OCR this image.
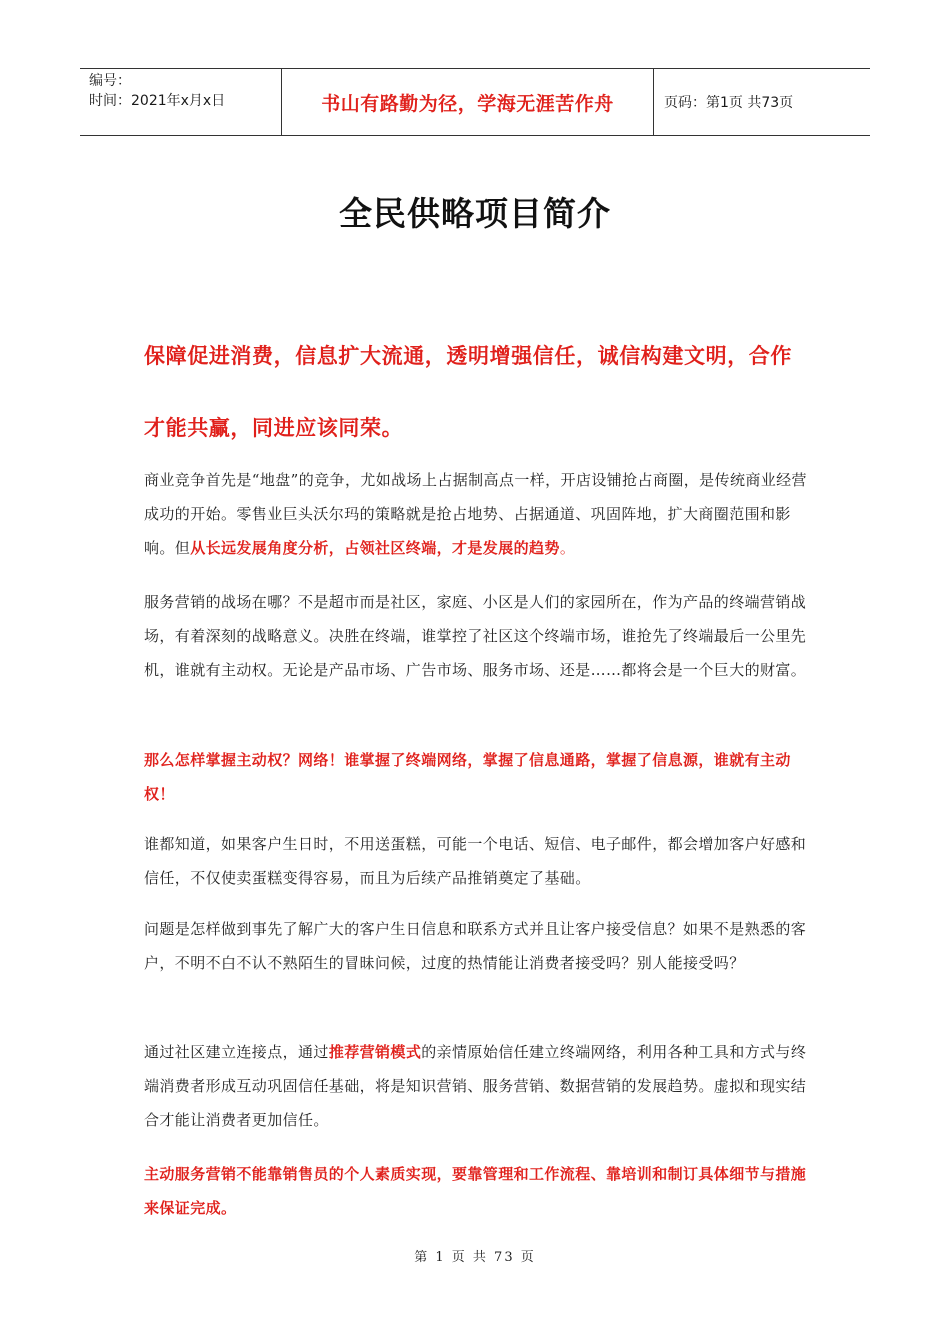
编号：
时间：2021年x月x日	书山有路勤为径，学海无涯苦作舟	页码：第1页 共73页
全民供略项目简介
保障促进消费，信息扩大流通，透明增强信任，诚信构建文明，合作才能共赢，同进应该同荣。
商业竞争首先是“地盘”的竞争，尤如战场上占据制高点一样，开店设铺抢占商圈，是传统商业经营成功的开始。零售业巨头沃尔玛的策略就是抢占地势、占据通道、巩固阵地，扩大商圈范围和影响。但从长远发展角度分析，占领社区终端，才是发展的趋势。
服务营销的战场在哪？不是超市而是社区，家庭、小区是人们的家园所在，作为产品的终端营销战场，有着深刻的战略意义。决胜在终端，谁掌控了社区这个终端市场，谁抢先了终端最后一公里先机，谁就有主动权。无论是产品市场、广告市场、服务市场、还是……都将会是一个巨大的财富。
那么怎样掌握主动权？网络！谁掌握了终端网络，掌握了信息通路，掌握了信息源，谁就有主动权！
谁都知道，如果客户生日时，不用送蛋糕，可能一个电话、短信、电子邮件，都会增加客户好感和信任，不仅使卖蛋糕变得容易，而且为后续产品推销奠定了基础。
问题是怎样做到事先了解广大的客户生日信息和联系方式并且让客户接受信息？如果不是熟悉的客户，不明不白不认不熟陌生的冒昧问候，过度的热情能让消费者接受吗？别人能接受吗？
通过社区建立连接点，通过推荐营销模式的亲情原始信任建立终端网络，利用各种工具和方式与终端消费者形成互动巩固信任基础，将是知识营销、服务营销、数据营销的发展趋势。虚拟和现实结合才能让消费者更加信任。
主动服务营销不能靠销售员的个人素质实现，要靠管理和工作流程、靠培训和制订具体细节与措施来保证完成。
第 1 页 共 73 页
